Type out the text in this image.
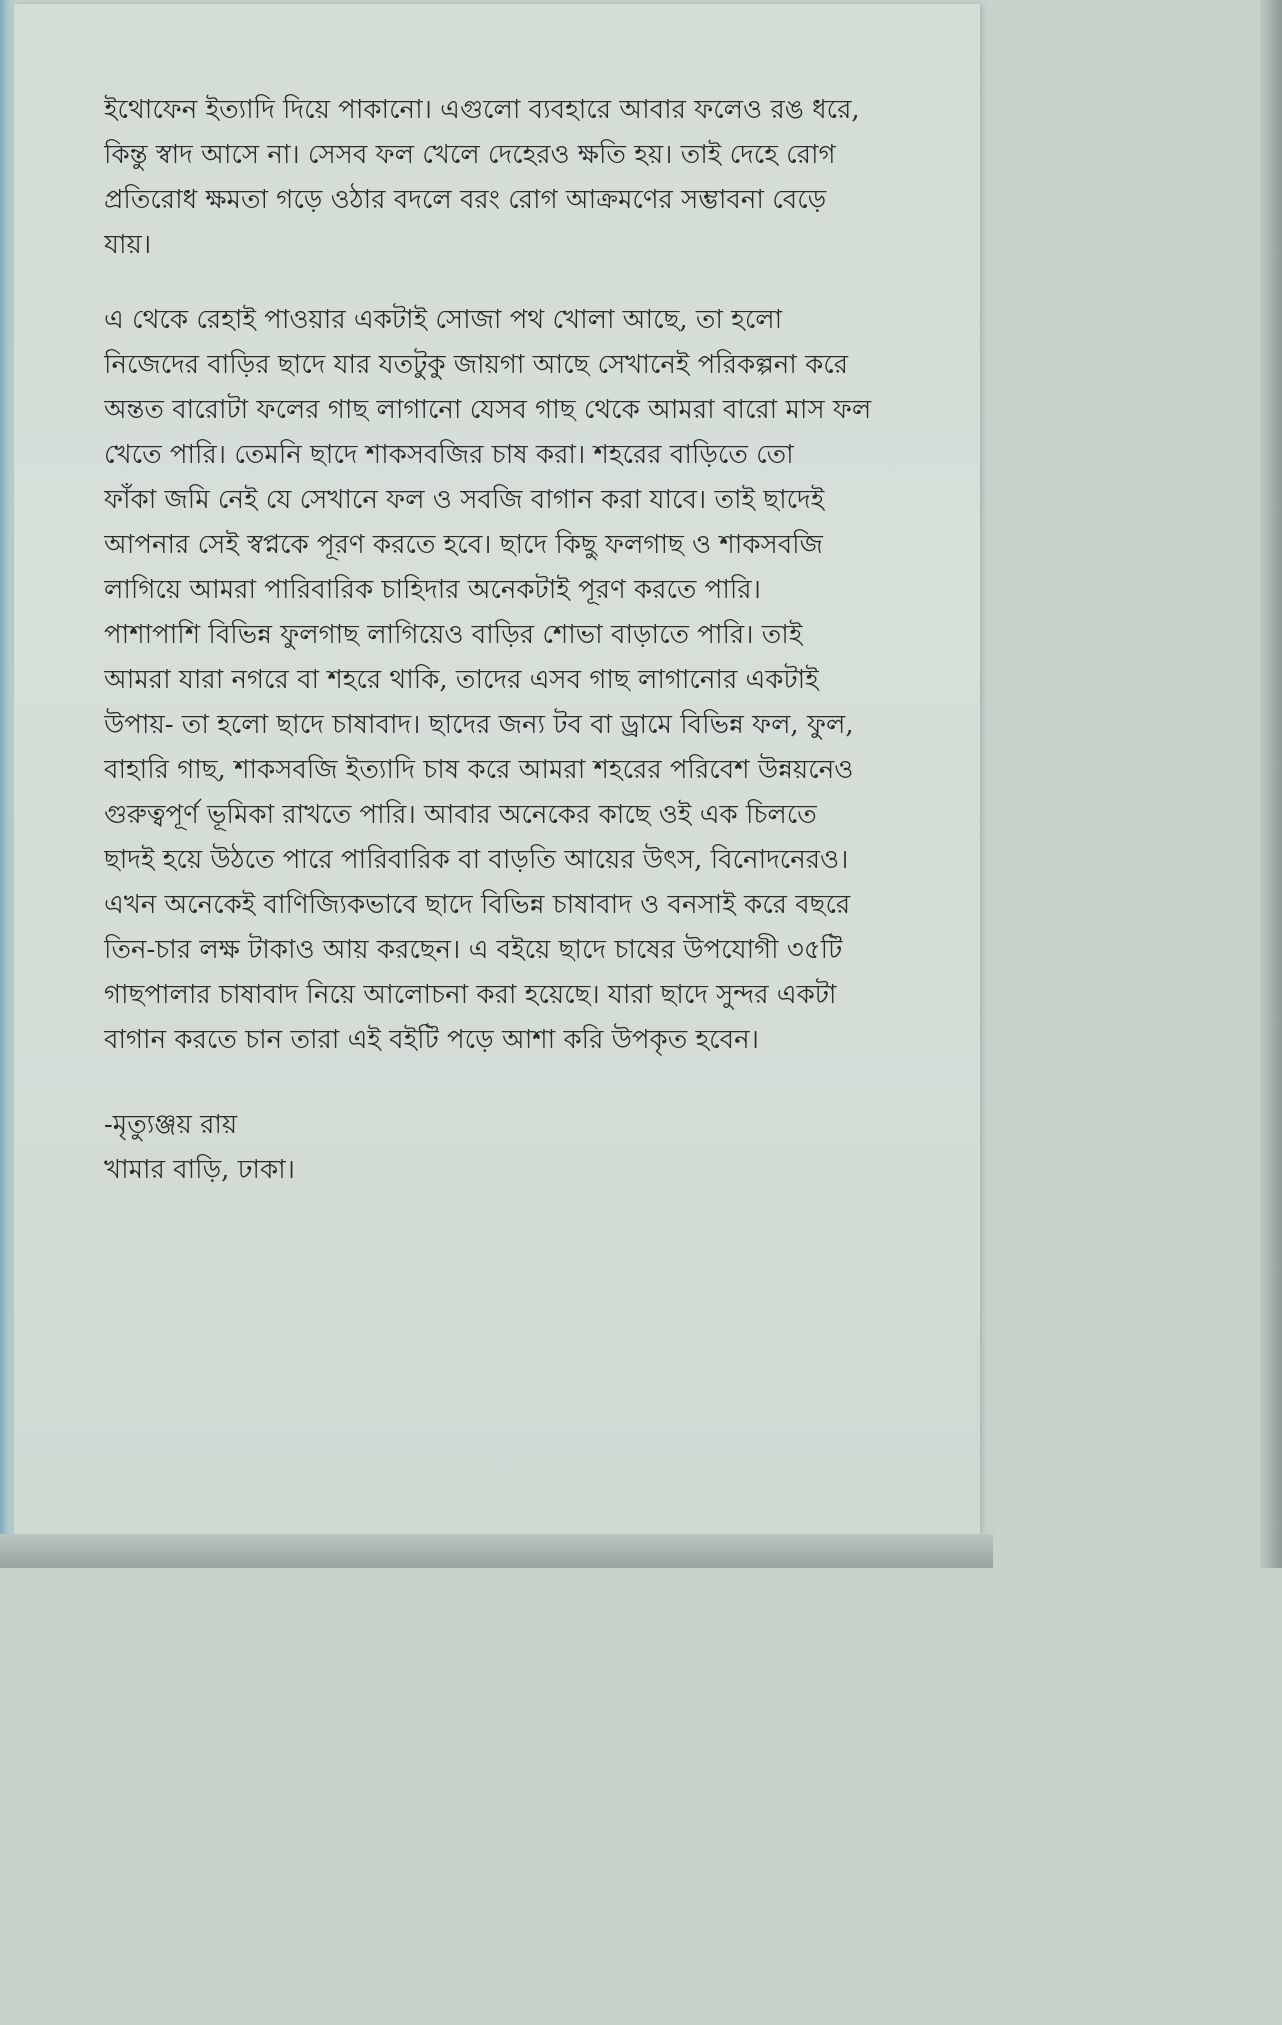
ইথোফেন ইত্যাদি দিয়ে পাকানো। এগুলো ব্যবহারে আবার ফলেও রঙ ধরে,
কিন্তু স্বাদ আসে না। সেসব ফল খেলে দেহেরও ক্ষতি হয়। তাই দেহে রোগ
প্রতিরোধ ক্ষমতা গড়ে ওঠার বদলে বরং রোগ আক্রমণের সম্ভাবনা বেড়ে
যায়।
এ থেকে রেহাই পাওয়ার একটাই সোজা পথ খোলা আছে, তা হলো
নিজেদের বাড়ির ছাদে যার যতটুকু জায়গা আছে সেখানেই পরিকল্পনা করে
অন্তত বারোটা ফলের গাছ লাগানো যেসব গাছ থেকে আমরা বারো মাস ফল
খেতে পারি। তেমনি ছাদে শাকসবজির চাষ করা। শহরের বাড়িতে তো
ফাঁকা জমি নেই যে সেখানে ফল ও সবজি বাগান করা যাবে। তাই ছাদেই
আপনার সেই স্বপ্নকে পূরণ করতে হবে। ছাদে কিছু ফলগাছ ও শাকসবজি
লাগিয়ে আমরা পারিবারিক চাহিদার অনেকটাই পূরণ করতে পারি।
পাশাপাশি বিভিন্ন ফুলগাছ লাগিয়েও বাড়ির শোভা বাড়াতে পারি। তাই
আমরা যারা নগরে বা শহরে থাকি, তাদের এসব গাছ লাগানোর একটাই
উপায়- তা হলো ছাদে চাষাবাদ। ছাদের জন্য টব বা ড্রামে বিভিন্ন ফল, ফুল,
বাহারি গাছ, শাকসবজি ইত্যাদি চাষ করে আমরা শহরের পরিবেশ উন্নয়নেও
গুরুত্বপূর্ণ ভূমিকা রাখতে পারি। আবার অনেকের কাছে ওই এক চিলতে
ছাদই হয়ে উঠতে পারে পারিবারিক বা বাড়তি আয়ের উৎস, বিনোদনেরও।
এখন অনেকেই বাণিজ্যিকভাবে ছাদে বিভিন্ন চাষাবাদ ও বনসাই করে বছরে
তিন-চার লক্ষ টাকাও আয় করছেন। এ বইয়ে ছাদে চাষের উপযোগী ৩৫টি
গাছপালার চাষাবাদ নিয়ে আলোচনা করা হয়েছে। যারা ছাদে সুন্দর একটা
বাগান করতে চান তারা এই বইটি পড়ে আশা করি উপকৃত হবেন।
-মৃত্যুঞ্জয় রায়
খামার বাড়ি, ঢাকা।
